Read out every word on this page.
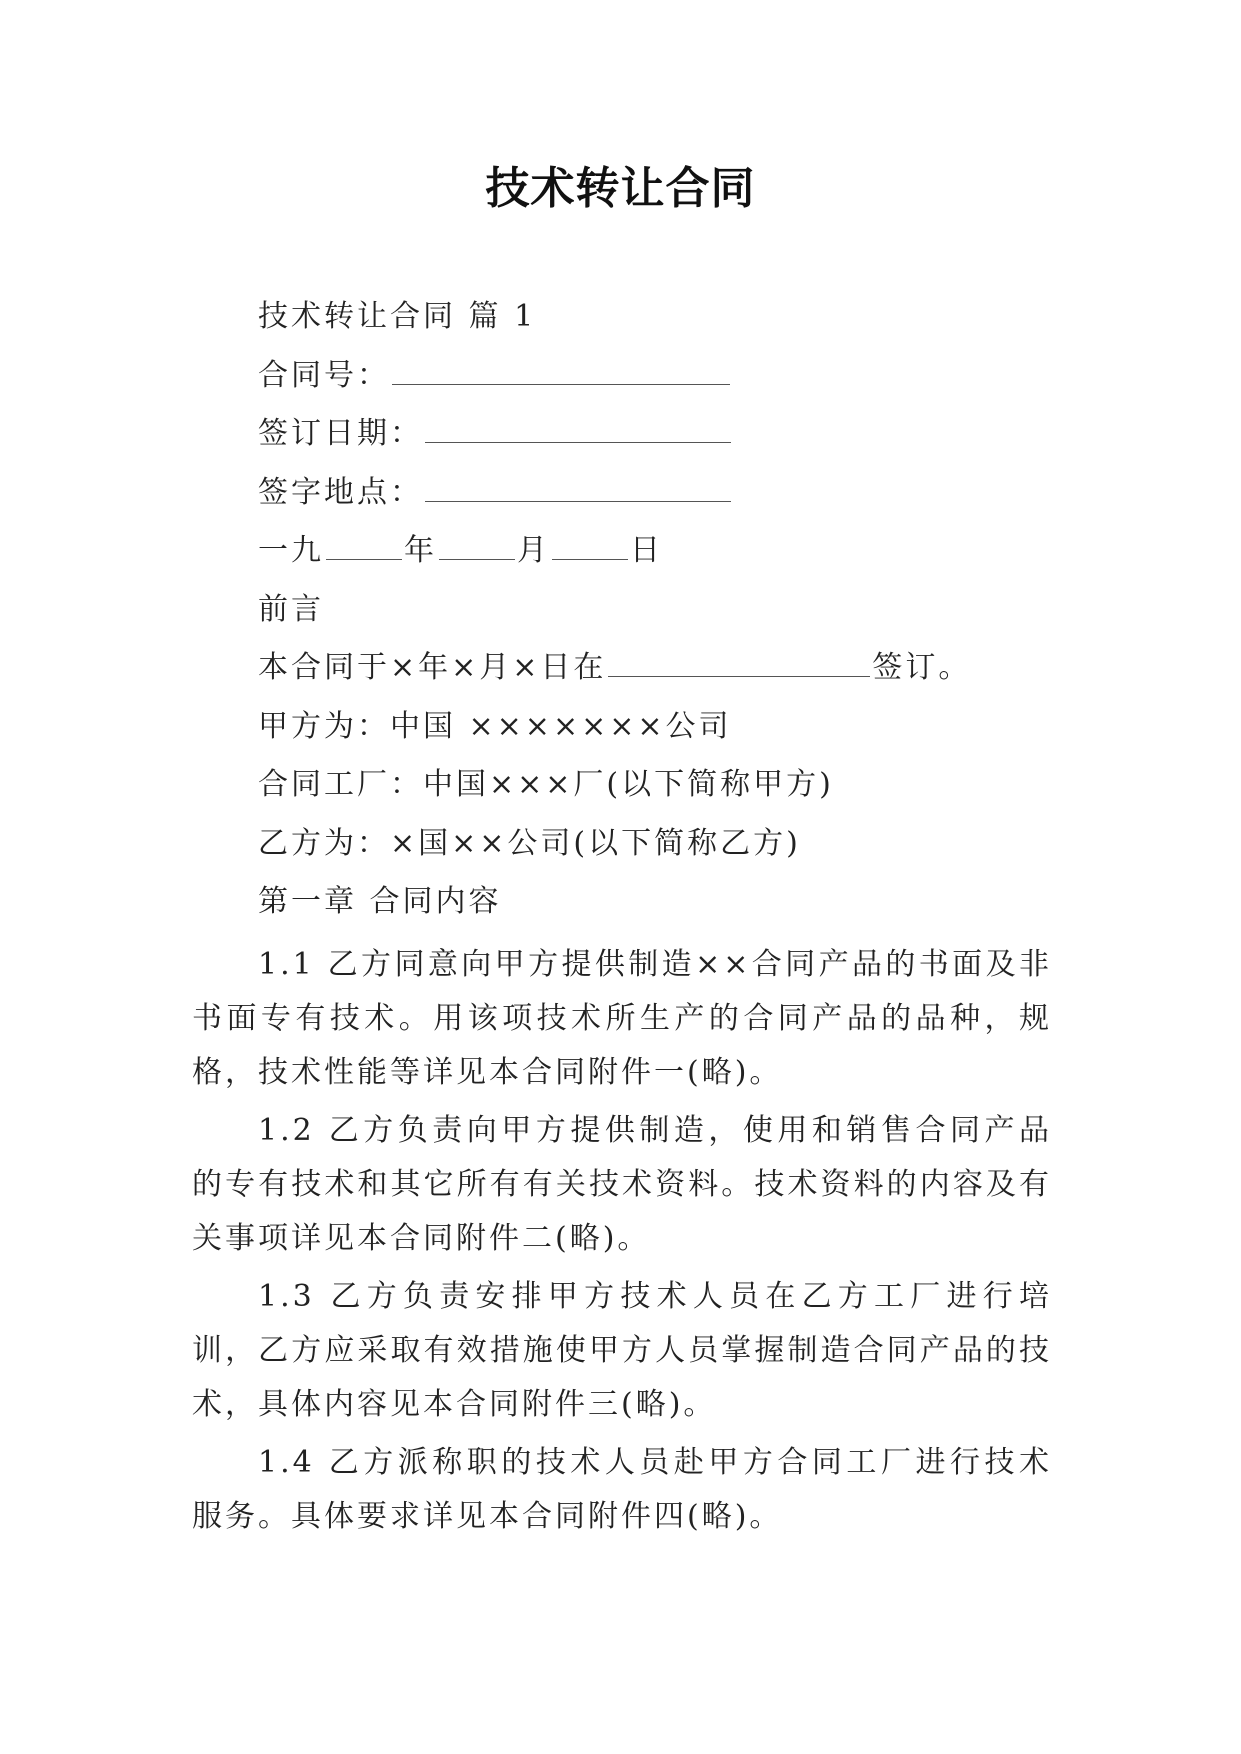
技术转让合同
技术转让合同 篇 1
合同号：
签订日期：
签字地点：
一九	年	月	日
前言
本合同于×年×月×日在	签订。
甲方为：中国 ×××××××公司
合同工厂：中国×××厂(以下简称甲方)
乙方为：×国××公司(以下简称乙方)
第一章 合同内容

1.1 乙方同意向甲方提供制造××合同产品的书面及非书面专有技术。用该项技术所生产的合同产品的品种，规格，技术性能等详见本合同附件一(略)。

1.2 乙方负责向甲方提供制造，使用和销售合同产品的专有技术和其它所有有关技术资料。技术资料的内容及有关事项详见本合同附件二(略)。

1.3 乙方负责安排甲方技术人员在乙方工厂进行培训，乙方应采取有效措施使甲方人员掌握制造合同产品的技术，具体内容见本合同附件三(略)。

1.4 乙方派称职的技术人员赴甲方合同工厂进行技术服务。具体要求详见本合同附件四(略)。
